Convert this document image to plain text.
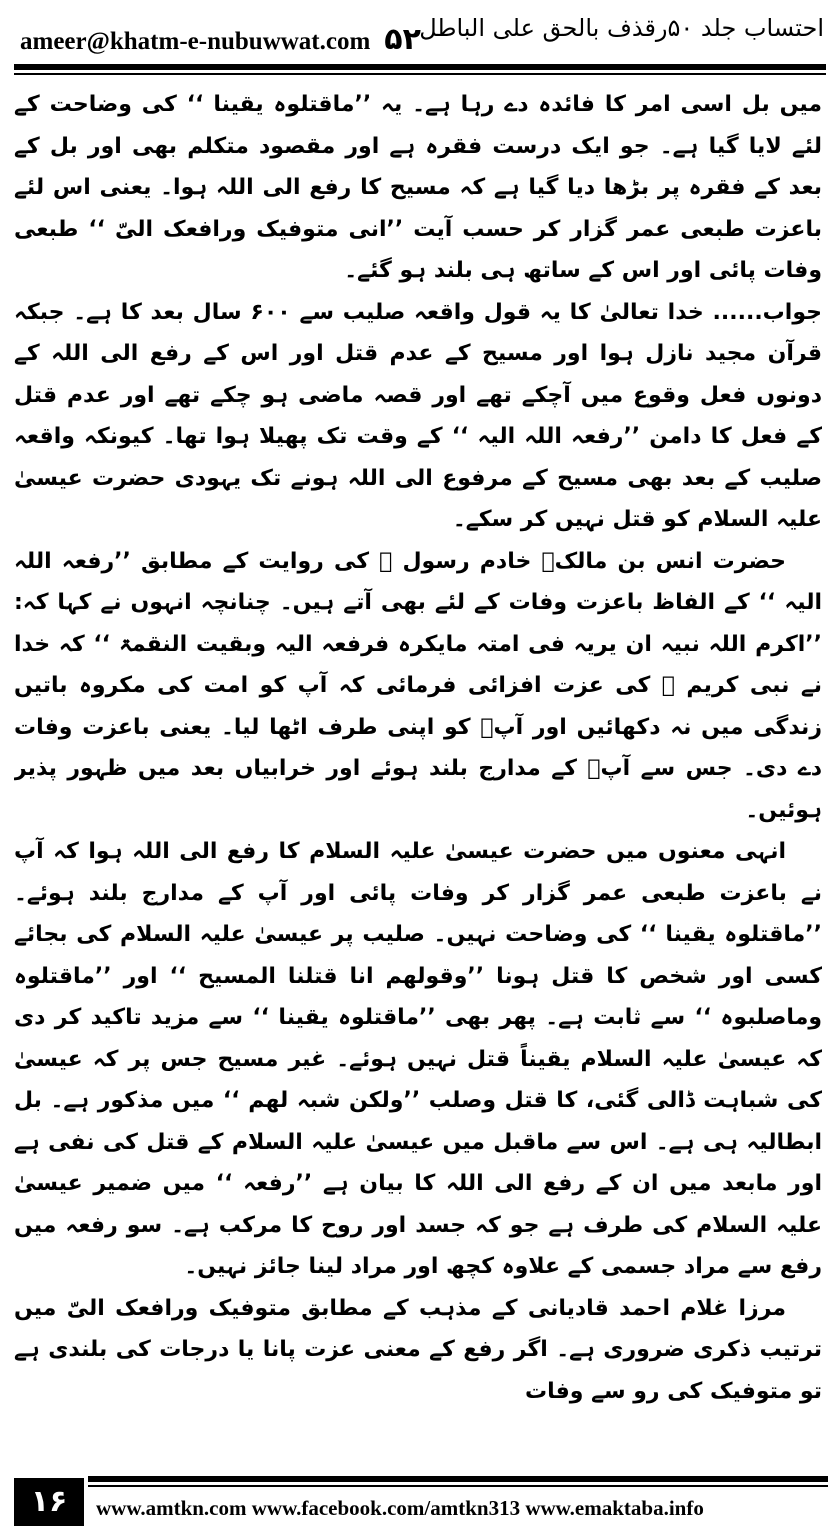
ameer@khatm-e-nubuwwat.com ۵۲
احتساب جلد ۵۰رقذف بالحق علی الباطل

میں بل اسی امر کا فائدہ دے رہا ہے۔ یہ ’’ماقتلوہ یقینا ‘‘ کی وضاحت کے لئے لایا گیا ہے۔ جو ایک درست فقرہ ہے اور مقصود متکلم بھی اور بل کے بعد کے فقرہ پر بڑھا دیا گیا ہے کہ مسیح کا رفع الی اللہ ہوا۔ یعنی اس لئے باعزت طبعی عمر گزار کر حسب آیت ’’انی متوفیک ورافعک الیّ ‘‘ طبعی وفات پائی اور اس کے ساتھ ہی بلند ہو گئے۔

جواب...... خدا تعالیٰ کا یہ قول واقعہ صلیب سے ۶۰۰ سال بعد کا ہے۔ جبکہ قرآن مجید نازل ہوا اور مسیح کے عدم قتل اور اس کے رفع الی اللہ کے دونوں فعل وقوع میں آچکے تھے اور قصہ ماضی ہو چکے تھے اور عدم قتل کے فعل کا دامن ’’رفعہ اللہ الیہ ‘‘ کے وقت تک پھیلا ہوا تھا۔ کیونکہ واقعہ صلیب کے بعد بھی مسیح کے مرفوع الی اللہ ہونے تک یہودی حضرت عیسیٰ علیہ السلام کو قتل نہیں کر سکے۔

حضرت انس بن مالکؓ خادم رسول ﷺ کی روایت کے مطابق ’’رفعہ اللہ الیہ ‘‘ کے الفاظ باعزت وفات کے لئے بھی آتے ہیں۔ چنانچہ انہوں نے کہا کہ: ’’اکرم اللہ نبیہ ان یریہ فی امتہ مایکرہ فرفعہ الیہ وبقیت النقمۃ ‘‘ کہ خدا نے نبی کریم ﷺ کی عزت افزائی فرمائی کہ آپ کو امت کی مکروہ باتیں زندگی میں نہ دکھائیں اور آپؐ کو اپنی طرف اٹھا لیا۔ یعنی باعزت وفات دے دی۔ جس سے آپؐ کے مدارج بلند ہوئے اور خرابیاں بعد میں ظہور پذیر ہوئیں۔

انہی معنوں میں حضرت عیسیٰ علیہ السلام کا رفع الی اللہ ہوا کہ آپ نے باعزت طبعی عمر گزار کر وفات پائی اور آپ کے مدارج بلند ہوئے۔ ’’ماقتلوہ یقینا ‘‘ کی وضاحت نہیں۔ صلیب پر عیسیٰ علیہ السلام کی بجائے کسی اور شخص کا قتل ہونا ’’وقولھم انا قتلنا المسیح ‘‘ اور ’’ماقتلوہ وماصلبوہ ‘‘ سے ثابت ہے۔ پھر بھی ’’ماقتلوہ یقینا ‘‘ سے مزید تاکید کر دی کہ عیسیٰ علیہ السلام یقیناً قتل نہیں ہوئے۔ غیر مسیح جس پر کہ عیسیٰ کی شباہت ڈالی گئی، کا قتل وصلب ’’ولکن شبہ لھم ‘‘ میں مذکور ہے۔ بل ابطالیہ ہی ہے۔ اس سے ماقبل میں عیسیٰ علیہ السلام کے قتل کی نفی ہے اور مابعد میں ان کے رفع الی اللہ کا بیان ہے ’’رفعہ ‘‘ میں ضمیر عیسیٰ علیہ السلام کی طرف ہے جو کہ جسد اور روح کا مرکب ہے۔ سو رفعہ میں رفع سے مراد جسمی کے علاوہ کچھ اور مراد لینا جائز نہیں۔

مرزا غلام احمد قادیانی کے مذہب کے مطابق متوفیک ورافعک الیّ میں ترتیب ذکری ضروری ہے۔ اگر رفع کے معنی عزت پانا یا درجات کی بلندی ہے تو متوفیک کی رو سے وفات

۱۶	www.amtkn.com www.facebook.com/amtkn313 www.emaktaba.info
